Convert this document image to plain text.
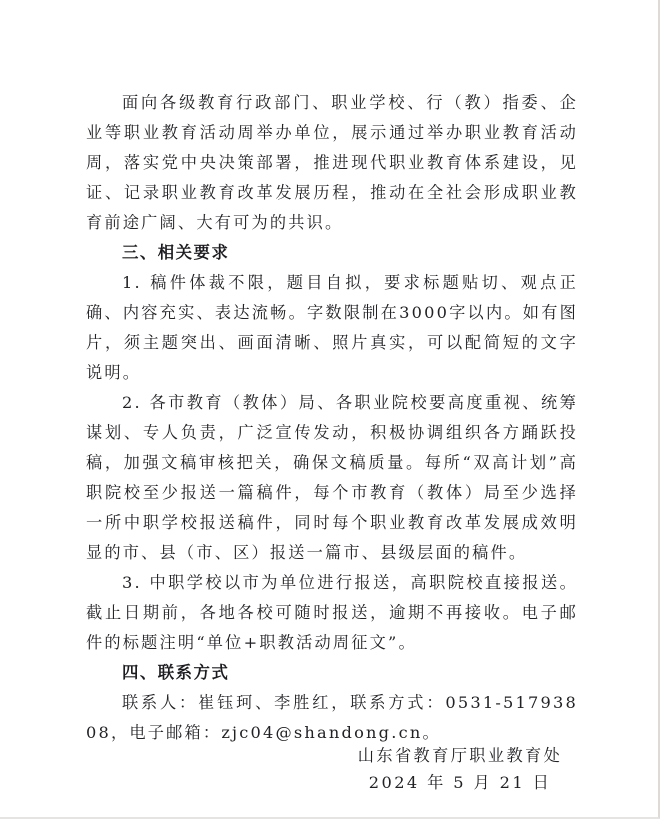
面向各级教育行政部门、职业学校、行（教）指委、企业等职业教育活动周举办单位，展示通过举办职业教育活动周，落实党中央决策部署，推进现代职业教育体系建设，见证、记录职业教育改革发展历程，推动在全社会形成职业教育前途广阔、大有可为的共识。

三、相关要求

1. 稿件体裁不限，题目自拟，要求标题贴切、观点正确、内容充实、表达流畅。字数限制在3000字以内。如有图片，须主题突出、画面清晰、照片真实，可以配简短的文字说明。

2. 各市教育（教体）局、各职业院校要高度重视、统筹谋划、专人负责，广泛宣传发动，积极协调组织各方踊跃投稿，加强文稿审核把关，确保文稿质量。每所“双高计划”高职院校至少报送一篇稿件，每个市教育（教体）局至少选择一所中职学校报送稿件，同时每个职业教育改革发展成效明显的市、县（市、区）报送一篇市、县级层面的稿件。

3. 中职学校以市为单位进行报送，高职院校直接报送。截止日期前，各地各校可随时报送，逾期不再接收。电子邮件的标题注明“单位+职教活动周征文”。

四、联系方式

联系人：崔钰珂、李胜红，联系方式：0531-51793808，电子邮箱：zjc04@shandong.cn。

山东省教育厅职业教育处
2024 年 5 月 21 日
